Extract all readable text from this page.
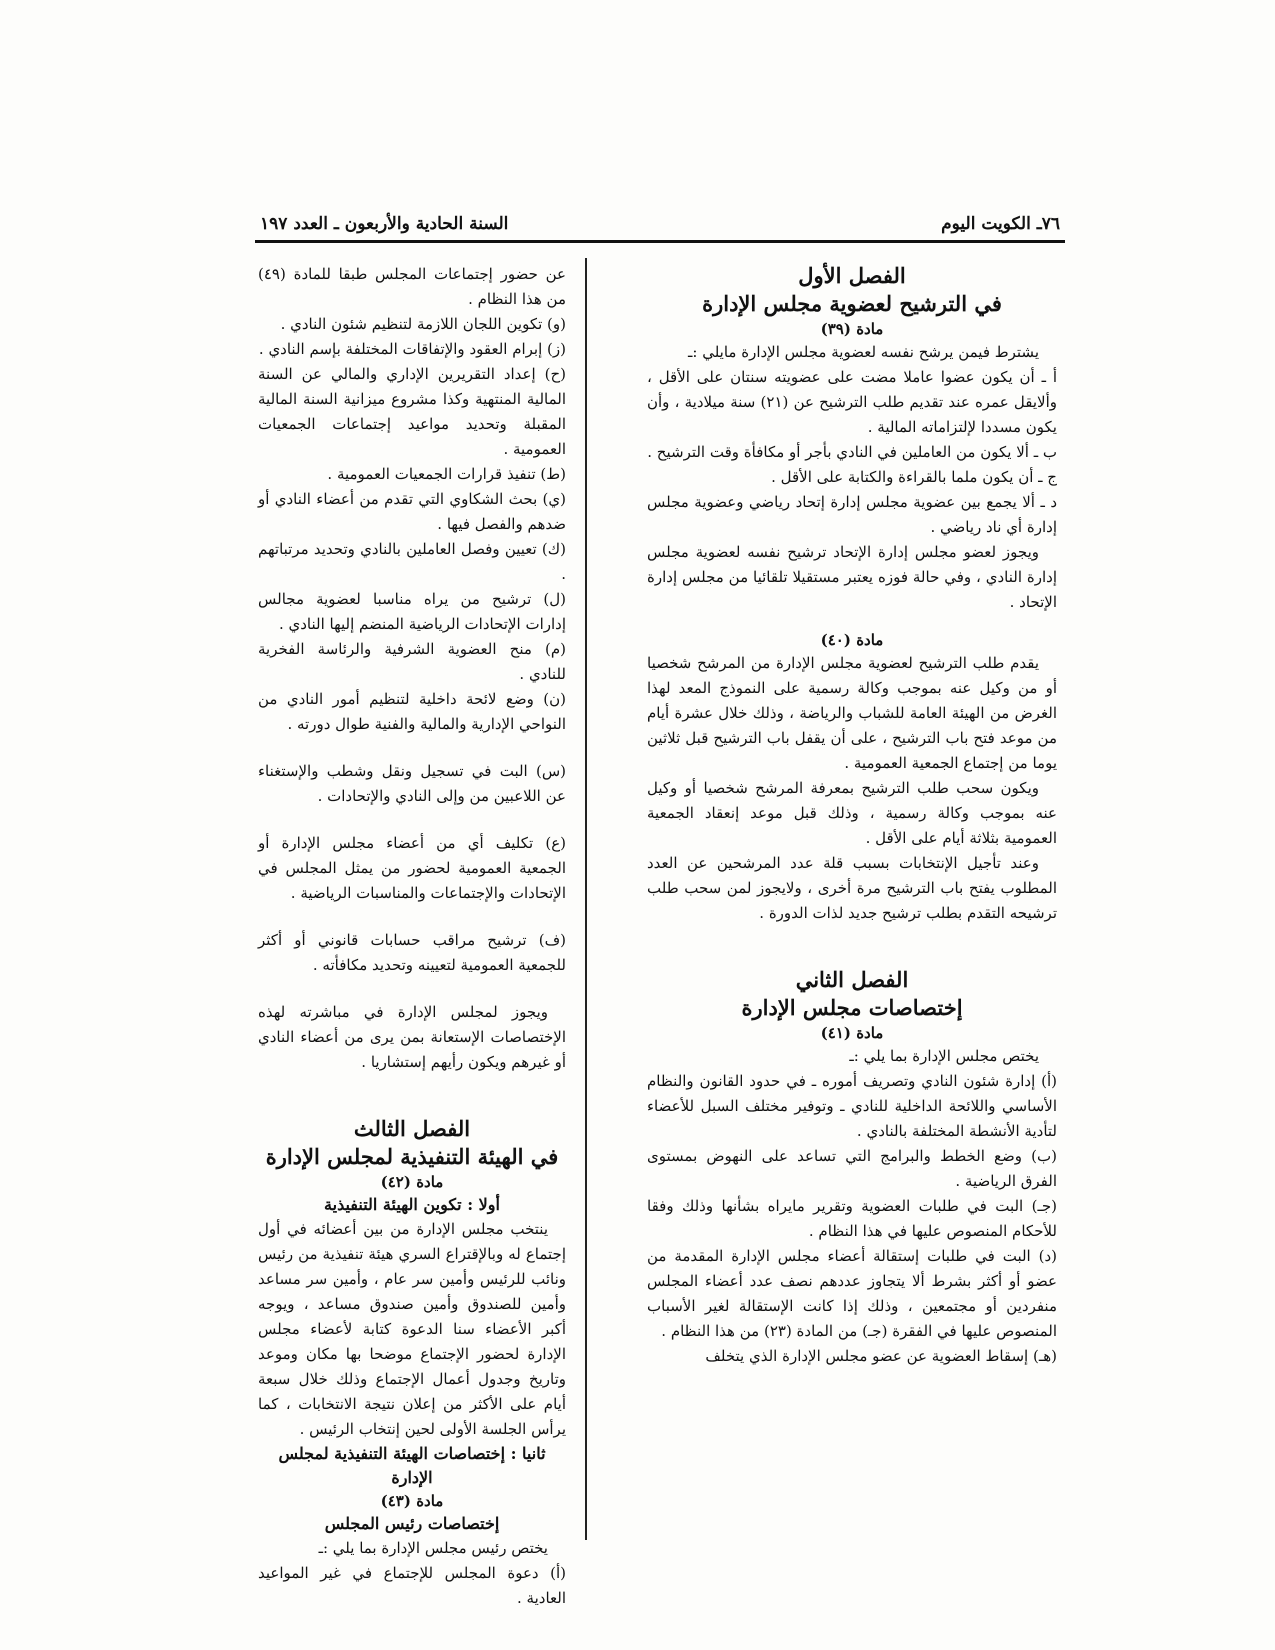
٧٦ـ الكويت اليوم
السنة الحادية والأربعون ـ العدد ١٩٧
الفصل الأول
في الترشيح لعضوية مجلس الإدارة
مادة (٣٩)

يشترط فيمن يرشح نفسه لعضوية مجلس الإدارة مايلي :ـ

أ ـ أن يكون عضوا عاملا مضت على عضويته سنتان على الأقل ، وألايقل عمره عند تقديم طلب الترشيح عن (٢١) سنة ميلادية ، وأن يكون مسددا لإلتزاماته المالية .

ب ـ ألا يكون من العاملين في النادي بأجر أو مكافأة وقت الترشيح .

ج ـ أن يكون ملما بالقراءة والكتابة على الأقل .

د ـ ألا يجمع بين عضوية مجلس إدارة إتحاد رياضي وعضوية مجلس إدارة أي ناد رياضي .

ويجوز لعضو مجلس إدارة الإتحاد ترشيح نفسه لعضوية مجلس إدارة النادي ، وفي حالة فوزه يعتبر مستقيلا تلقائيا من مجلس إدارة الإتحاد .

مادة (٤٠)

يقدم طلب الترشيح لعضوية مجلس الإدارة من المرشح شخصيا أو من وكيل عنه بموجب وكالة رسمية على النموذج المعد لهذا الغرض من الهيئة العامة للشباب والرياضة ، وذلك خلال عشرة أيام من موعد فتح باب الترشيح ، على أن يقفل باب الترشيح قبل ثلاثين يوما من إجتماع الجمعية العمومية .

ويكون سحب طلب الترشيح بمعرفة المرشح شخصيا أو وكيل عنه بموجب وكالة رسمية ، وذلك قبل موعد إنعقاد الجمعية العمومية بثلاثة أيام على الأقل .

وعند تأجيل الإنتخابات بسبب قلة عدد المرشحين عن العدد المطلوب يفتح باب الترشيح مرة أخرى ، ولايجوز لمن سحب طلب ترشيحه التقدم بطلب ترشيح جديد لذات الدورة .

الفصل الثاني
إختصاصات مجلس الإدارة
مادة (٤١)

يختص مجلس الإدارة بما يلي :ـ

(أ) إدارة شئون النادي وتصريف أموره ـ في حدود القانون والنظام الأساسي واللائحة الداخلية للنادي ـ وتوفير مختلف السبل للأعضاء لتأدية الأنشطة المختلفة بالنادي .

(ب) وضع الخطط والبرامج التي تساعد على النهوض بمستوى الفرق الرياضية .

(جـ) البت في طلبات العضوية وتقرير مايراه بشأنها وذلك وفقا للأحكام المنصوص عليها في هذا النظام .

(د) البت في طلبات إستقالة أعضاء مجلس الإدارة المقدمة من عضو أو أكثر بشرط ألا يتجاوز عددهم نصف عدد أعضاء المجلس منفردين أو مجتمعين ، وذلك إذا كانت الإستقالة لغير الأسباب المنصوص عليها في الفقرة (جـ) من المادة (٢٣) من هذا النظام .

(هـ) إسقاط العضوية عن عضو مجلس الإدارة الذي يتخلف

عن حضور إجتماعات المجلس طبقا للمادة (٤٩) من هذا النظام .

(و) تكوين اللجان اللازمة لتنظيم شئون النادي .

(ز) إبرام العقود والإتفاقات المختلفة بإسم النادي .

(ح) إعداد التقريرين الإداري والمالي عن السنة المالية المنتهية وكذا مشروع ميزانية السنة المالية المقبلة وتحديد مواعيد إجتماعات الجمعيات العمومية .

(ط) تنفيذ قرارات الجمعيات العمومية .

(ي) بحث الشكاوي التي تقدم من أعضاء النادي أو ضدهم والفصل فيها .

(ك) تعيين وفصل العاملين بالنادي وتحديد مرتباتهم .

(ل) ترشيح من يراه مناسبا لعضوية مجالس إدارات الإتحادات الرياضية المنضم إليها النادي .

(م) منح العضوية الشرفية والرئاسة الفخرية للنادي .

(ن) وضع لائحة داخلية لتنظيم أمور النادي من النواحي الإدارية والمالية والفنية طوال دورته .

(س) البت في تسجيل ونقل وشطب والإستغناء عن اللاعبين من وإلى النادي والإتحادات .

(ع) تكليف أي من أعضاء مجلس الإدارة أو الجمعية العمومية لحضور من يمثل المجلس في الإتحادات والإجتماعات والمناسبات الرياضية .

(ف) ترشيح مراقب حسابات قانوني أو أكثر للجمعية العمومية لتعيينه وتحديد مكافأته .

ويجوز لمجلس الإدارة في مباشرته لهذه الإختصاصات الإستعانة بمن يرى من أعضاء النادي أو غيرهم ويكون رأيهم إستشاريا .

الفصل الثالث
في الهيئة التنفيذية لمجلس الإدارة
مادة (٤٢)
أولا : تكوين الهيئة التنفيذية

ينتخب مجلس الإدارة من بين أعضائه في أول إجتماع له وبالإقتراع السري هيئة تنفيذية من رئيس ونائب للرئيس وأمين سر عام ، وأمين سر مساعد وأمين للصندوق وأمين صندوق مساعد ، ويوجه أكبر الأعضاء سنا الدعوة كتابة لأعضاء مجلس الإدارة لحضور الإجتماع موضحا بها مكان وموعد وتاريخ وجدول أعمال الإجتماع وذلك خلال سبعة أيام على الأكثر من إعلان نتيجة الانتخابات ، كما يرأس الجلسة الأولى لحين إنتخاب الرئيس .

ثانيا : إختصاصات الهيئة التنفيذية لمجلس الإدارة
مادة (٤٣)
إختصاصات رئيس المجلس

يختص رئيس مجلس الإدارة بما يلي :ـ

(أ) دعوة المجلس للإجتماع في غير المواعيد العادية .
